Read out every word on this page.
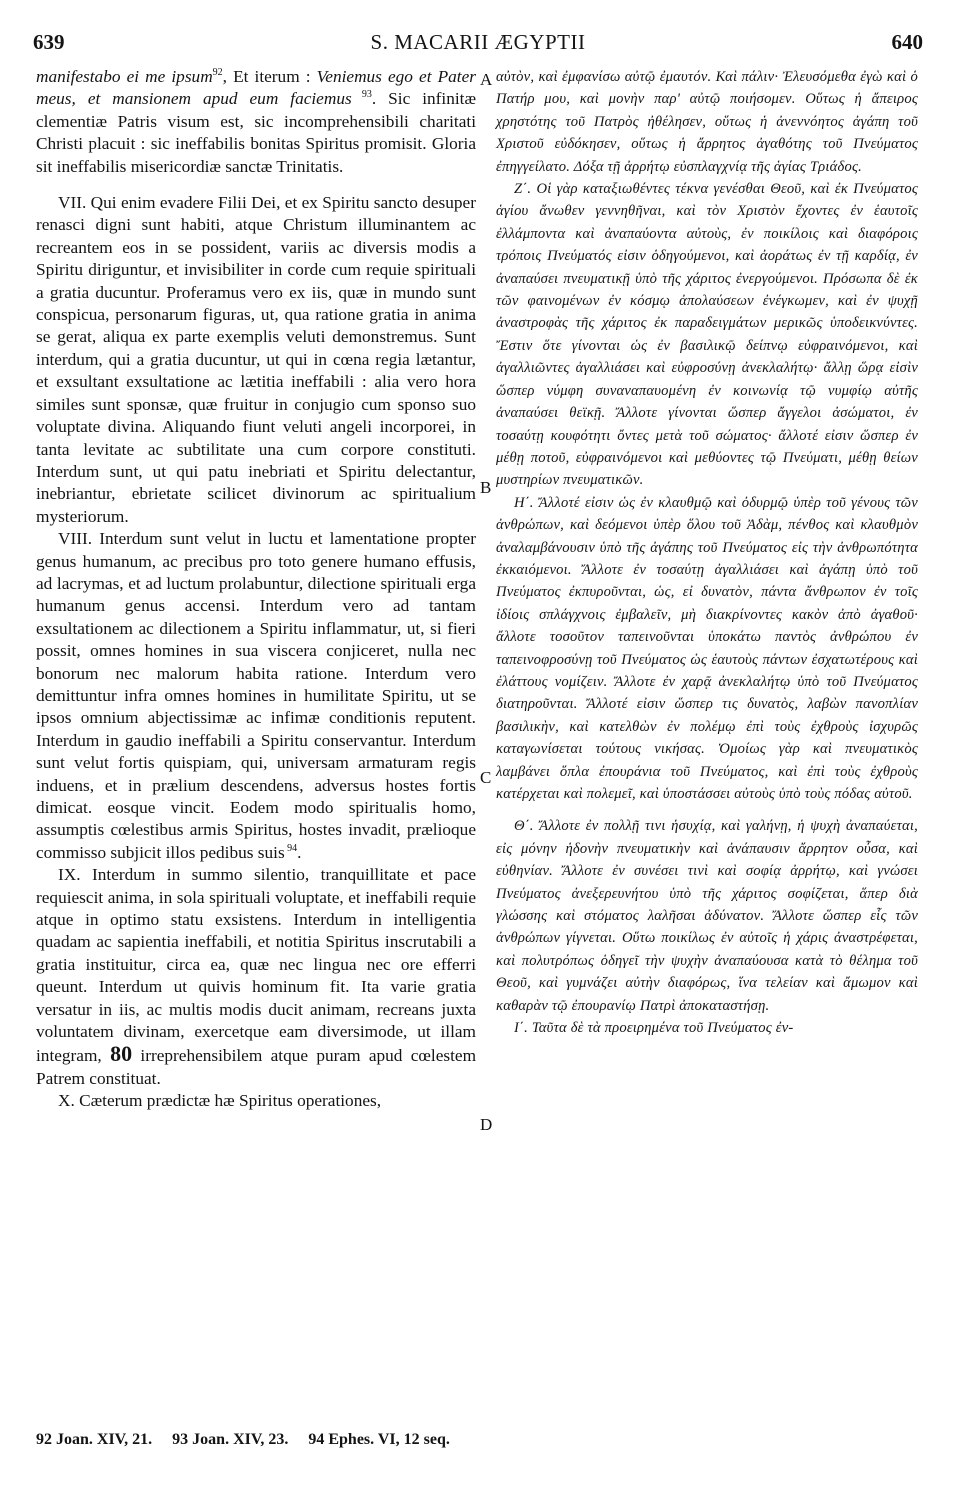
639	S. MACARII ÆGYPTII	640

manifestabo ei me ipsum$^{92}$, Et iterum : Veniemus ego et Pater meus, et mansionem apud eum faciemus $^{93}$. Sic infinitæ clementiæ Patris visum est, sic incomprehensibili charitati Christi placuit : sic ineffabilis bonitas Spiritus promisit. Gloria sit ineffabilis misericordiæ sanctæ Trinitatis.

VII. Qui enim evadere Filii Dei, et ex Spiritu sancto desuper renasci digni sunt habiti, atque Christum illuminantem ac recreantem eos in se possident, variis ac diversis modis a Spiritu diriguntur, et invisibiliter in corde cum requie spirituali a gratia ducuntur. Proferamus vero ex iis, quæ in mundo sunt conspicua, personarum figuras, ut, qua ratione gratia in anima se gerat, aliqua ex parte exemplis veluti demonstremus. Sunt interdum, qui a gratia ducuntur, ut qui in cœna regia lætantur, et exsultant exsultatione ac lætitia ineffabili : alia vero hora similes sunt sponsæ, quæ fruitur in conjugio cum sponso suo voluptate divina. Aliquando fiunt veluti angeli incorporei, in tanta levitate ac subtilitate una cum corpore constituti. Interdum sunt, ut qui patu inebriati et Spiritu delectantur, inebriantur, ebrietate scilicet divinorum ac spiritualium mysteriorum.

VIII. Interdum sunt velut in luctu et lamentatione propter genus humanum, ac precibus pro toto genere humano effusis, ad lacrymas, et ad luctum prolabuntur, dilectione spirituali erga humanum genus accensi. Interdum vero ad tantam exsultationem ac dilectionem a Spiritu inflammatur, ut, si fieri possit, omnes homines in sua viscera conjiceret, nulla nec bonorum nec malorum habita ratione. Interdum vero demittuntur infra omnes homines in humilitate Spiritu, ut se ipsos omnium abjectissimæ ac infimæ conditionis reputent. Interdum in gaudio ineffabili a Spiritu conservantur. Interdum sunt velut fortis quispiam, qui, universam armaturam regis induens, et in prælium descendens, adversus hostes fortis dimicat. eosque vincit. Eodem modo spiritualis homo, assumptis cœlestibus armis Spiritus, hostes invadit, prælioque commisso subjicit illos pedibus suis $^{94}$.

IX. Interdum in summo silentio, tranquillitate et pace requiescit anima, in sola spirituali voluptate, et ineffabili requie atque in optimo statu exsistens. Interdum in intelligentia quadam ac sapientia ineffabili, et notitia Spiritus inscrutabili a gratia instituitur, circa ea, quæ nec lingua nec ore efferri queunt. Interdum ut quivis hominum fit. Ita varie gratia versatur in iis, ac multis modis ducit animam, recreans juxta voluntatem divinam, exercetque eam diversimode, ut illam integram, 80 irreprehensibilem atque puram apud cœlestem Patrem constituat.

X. Cæterum prædictæ hæ Spiritus operationes,

αὐτὸν, καὶ ἐμφανίσω αὐτῷ ἐμαυτόν. Καὶ πάλιν· Ἐλευσόμεθα ἐγὼ καὶ ὁ Πατήρ μου, καὶ μονὴν παρ' αὐτῷ ποιήσομεν. Οὕτως ἡ ἄπειρος χρηστότης τοῦ Πατρὸς ἠθέλησεν, οὕτως ἡ ἀνεννόητος ἀγάπη τοῦ Χριστοῦ εὐδόκησεν, οὕτως ἡ ἄρρητος ἀγαθότης τοῦ Πνεύματος ἐπηγγείλατο. Δόξα τῇ ἀρρήτῳ εὐσπλαγχνίᾳ τῆς ἁγίας Τριάδος.

Ζ΄. Οἱ γὰρ καταξιωθέντες τέκνα γενέσθαι Θεοῦ, καὶ ἐκ Πνεύματος ἁγίου ἄνωθεν γεννηθῆναι, καὶ τὸν Χριστὸν ἔχοντες ἐν ἑαυτοῖς ἐλλάμποντα καὶ ἀναπαύοντα αὐτοὺς, ἐν ποικίλοις καὶ διαφόροις τρόποις Πνεύματός εἰσιν ὁδηγούμενοι, καὶ ἀοράτως ἐν τῇ καρδίᾳ, ἐν ἀναπαύσει πνευματικῇ ὑπὸ τῆς χάριτος ἐνεργούμενοι. Πρόσωπα δὲ ἐκ τῶν φαινομένων ἐν κόσμῳ ἀπολαύσεων ἐνέγκωμεν, καὶ ἐν ψυχῇ ἀναστροφὰς τῆς χάριτος ἐκ παραδειγμάτων μερικῶς ὑποδεικνύντες. Ἔστιν ὅτε γίνονται ὡς ἐν βασιλικῷ δείπνῳ εὐφραινόμενοι, καὶ ἀγαλλιῶντες ἀγαλλιάσει καὶ εὐφροσύνῃ ἀνεκλαλήτῳ· ἄλλῃ ὥρᾳ εἰσὶν ὥσπερ νύμφη συναναπαυομένη ἐν κοινωνίᾳ τῷ νυμφίῳ αὐτῆς ἀναπαύσει θεϊκῇ. Ἄλλοτε γίνονται ὥσπερ ἄγγελοι ἀσώματοι, ἐν τοσαύτῃ κουφότητι ὄντες μετὰ τοῦ σώματος· ἄλλοτέ εἰσιν ὥσπερ ἐν μέθῃ ποτοῦ, εὐφραινόμενοι καὶ μεθύοντες τῷ Πνεύματι, μέθῃ θείων μυστηρίων πνευματικῶν.

Η΄. Ἄλλοτέ εἰσιν ὡς ἐν κλαυθμῷ καὶ ὀδυρμῷ ὑπὲρ τοῦ γένους τῶν ἀνθρώπων, καὶ δεόμενοι ὑπὲρ ὅλου τοῦ Ἀδὰμ, πένθος καὶ κλαυθμὸν ἀναλαμβάνουσιν ὑπὸ τῆς ἀγάπης τοῦ Πνεύματος εἰς τὴν ἀνθρωπότητα ἐκκαιόμενοι. Ἄλλοτε ἐν τοσαύτῃ ἀγαλλιάσει καὶ ἀγάπῃ ὑπὸ τοῦ Πνεύματος ἐκπυροῦνται, ὡς, εἰ δυνατὸν, πάντα ἄνθρωπον ἐν τοῖς ἰδίοις σπλάγχνοις ἐμβαλεῖν, μὴ διακρίνοντες κακὸν ἀπὸ ἀγαθοῦ· ἄλλοτε τοσοῦτον ταπεινοῦνται ὑποκάτω παντὸς ἀνθρώπου ἐν ταπεινοφροσύνῃ τοῦ Πνεύματος ὡς ἑαυτοὺς πάντων ἐσχατωτέρους καὶ ἐλάττους νομίζειν. Ἄλλοτε ἐν χαρᾷ ἀνεκλαλήτῳ ὑπὸ τοῦ Πνεύματος διατηροῦνται. Ἄλλοτέ εἰσιν ὥσπερ τις δυνατὸς, λαβὼν πανοπλίαν βασιλικὴν, καὶ κατελθὼν ἐν πολέμῳ ἐπὶ τοὺς ἐχθροὺς ἰσχυρῶς καταγωνίσεται τούτους νικήσας. Ὁμοίως γὰρ καὶ πνευματικὸς λαμβάνει ὅπλα ἐπουράνια τοῦ Πνεύματος, καὶ ἐπὶ τοὺς ἐχθροὺς κατέρχεται καὶ πολεμεῖ, καὶ ὑποστάσσει αὐτοὺς ὑπὸ τοὺς πόδας αὐτοῦ.

Θ΄. Ἄλλοτε ἐν πολλῇ τινι ἡσυχίᾳ, καὶ γαλήνῃ, ἡ ψυχὴ ἀναπαύεται, εἰς μόνην ἡδονὴν πνευματικὴν καὶ ἀνάπαυσιν ἄρρητον οὖσα, καὶ εὐθηνίαν. Ἄλλοτε ἐν συνέσει τινὶ καὶ σοφίᾳ ἀρρήτῳ, καὶ γνώσει Πνεύματος ἀνεξερευνήτου ὑπὸ τῆς χάριτος σοφίζεται, ἅπερ διὰ γλώσσης καὶ στόματος λαλῆσαι ἀδύνατον. Ἄλλοτε ὥσπερ εἷς τῶν ἀνθρώπων γίγνεται. Οὕτω ποικίλως ἐν αὐτοῖς ἡ χάρις ἀναστρέφεται, καὶ πολυτρόπως ὁδηγεῖ τὴν ψυχὴν ἀναπαύουσα κατὰ τὸ θέλημα τοῦ Θεοῦ, καὶ γυμνάζει αὐτὴν διαφόρως, ἵνα τελείαν καὶ ἄμωμον καὶ καθαρὰν τῷ ἐπουρανίῳ Πατρὶ ἀποκαταστήσῃ.

Ι΄. Ταῦτα δὲ τὰ προειρημένα τοῦ Πνεύματος ἐν-

A
B
C
D
92 Joan. XIV, 21. 93 Joan. XIV, 23. 94 Ephes. VI, 12 seq.
